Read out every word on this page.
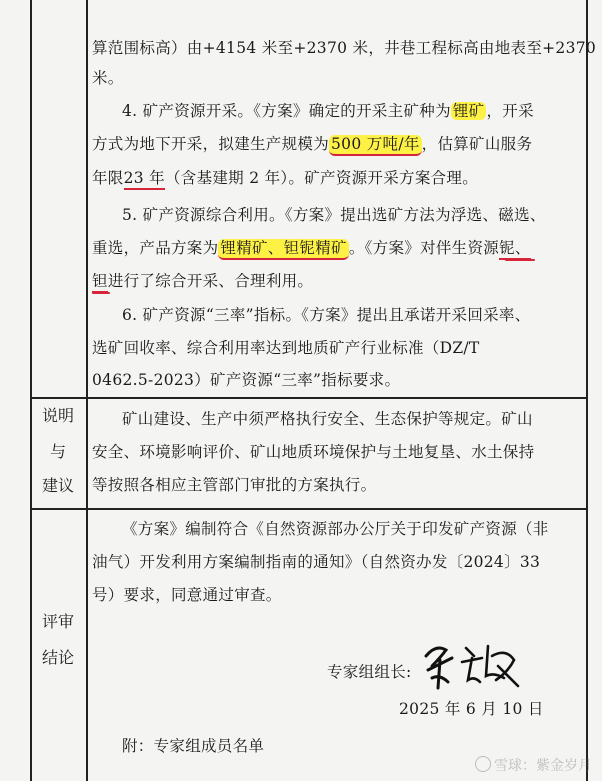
算范围标高）由+4154 米至+2370 米，井巷工程标高由地表至+2370
米。
4. 矿产资源开采。《方案》确定的开采主矿种为 锂矿 ，开采
方式为地下开采，拟建生产规模为 500 万吨/年 ，估算矿山服务
年限23 年（含基建期 2 年）。矿产资源开采方案合理。
5. 矿产资源综合利用。《方案》提出选矿方法为浮选、磁选、
重选，产品方案为 锂精矿、钽铌精矿 。《方案》对伴生资源铌、
钽进行了综合开采、合理利用。
6. 矿产资源“三率”指标。《方案》提出且承诺开采回采率、
选矿回收率、综合利用率达到地质矿产行业标准（DZ/T
0462.5-2023）矿产资源“三率”指标要求。
说明
与
建议
矿山建设、生产中须严格执行安全、生态保护等规定。矿山
安全、环境影响评价、矿山地质环境保护与土地复垦、水土保持
等按照各相应主管部门审批的方案执行。
评审
结论
《方案》编制符合《自然资源部办公厅关于印发矿产资源（非
油气）开发利用方案编制指南的通知》（自然资办发〔2024〕33
号）要求，同意通过审查。
专家组组长:
2025 年 6 月 10 日
附：专家组成员名单
雪球：紫金岁月
